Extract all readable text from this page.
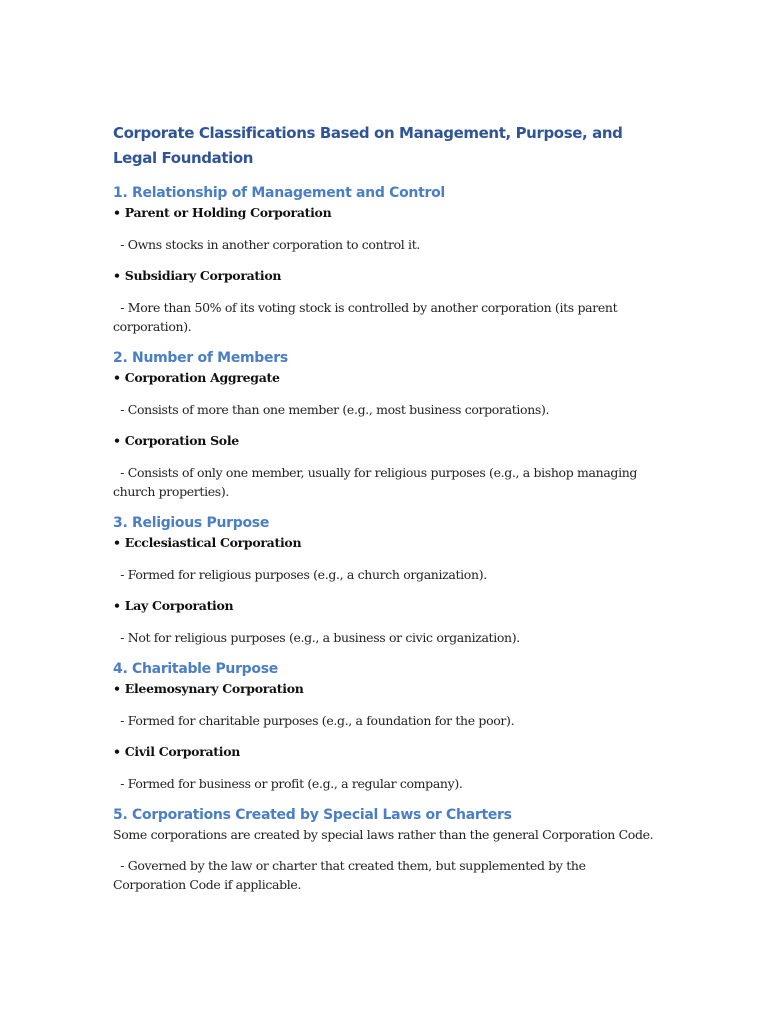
Corporate Classifications Based on Management, Purpose, and Legal Foundation
1. Relationship of Management and Control

• Parent or Holding Corporation

- Owns stocks in another corporation to control it.

• Subsidiary Corporation

- More than 50% of its voting stock is controlled by another corporation (its parent corporation).

2. Number of Members

• Corporation Aggregate

- Consists of more than one member (e.g., most business corporations).

• Corporation Sole

- Consists of only one member, usually for religious purposes (e.g., a bishop managing church properties).

3. Religious Purpose

• Ecclesiastical Corporation

- Formed for religious purposes (e.g., a church organization).

• Lay Corporation

- Not for religious purposes (e.g., a business or civic organization).

4. Charitable Purpose

• Eleemosynary Corporation

- Formed for charitable purposes (e.g., a foundation for the poor).

• Civil Corporation

- Formed for business or profit (e.g., a regular company).

5. Corporations Created by Special Laws or Charters

Some corporations are created by special laws rather than the general Corporation Code.

- Governed by the law or charter that created them, but supplemented by the Corporation Code if applicable.
